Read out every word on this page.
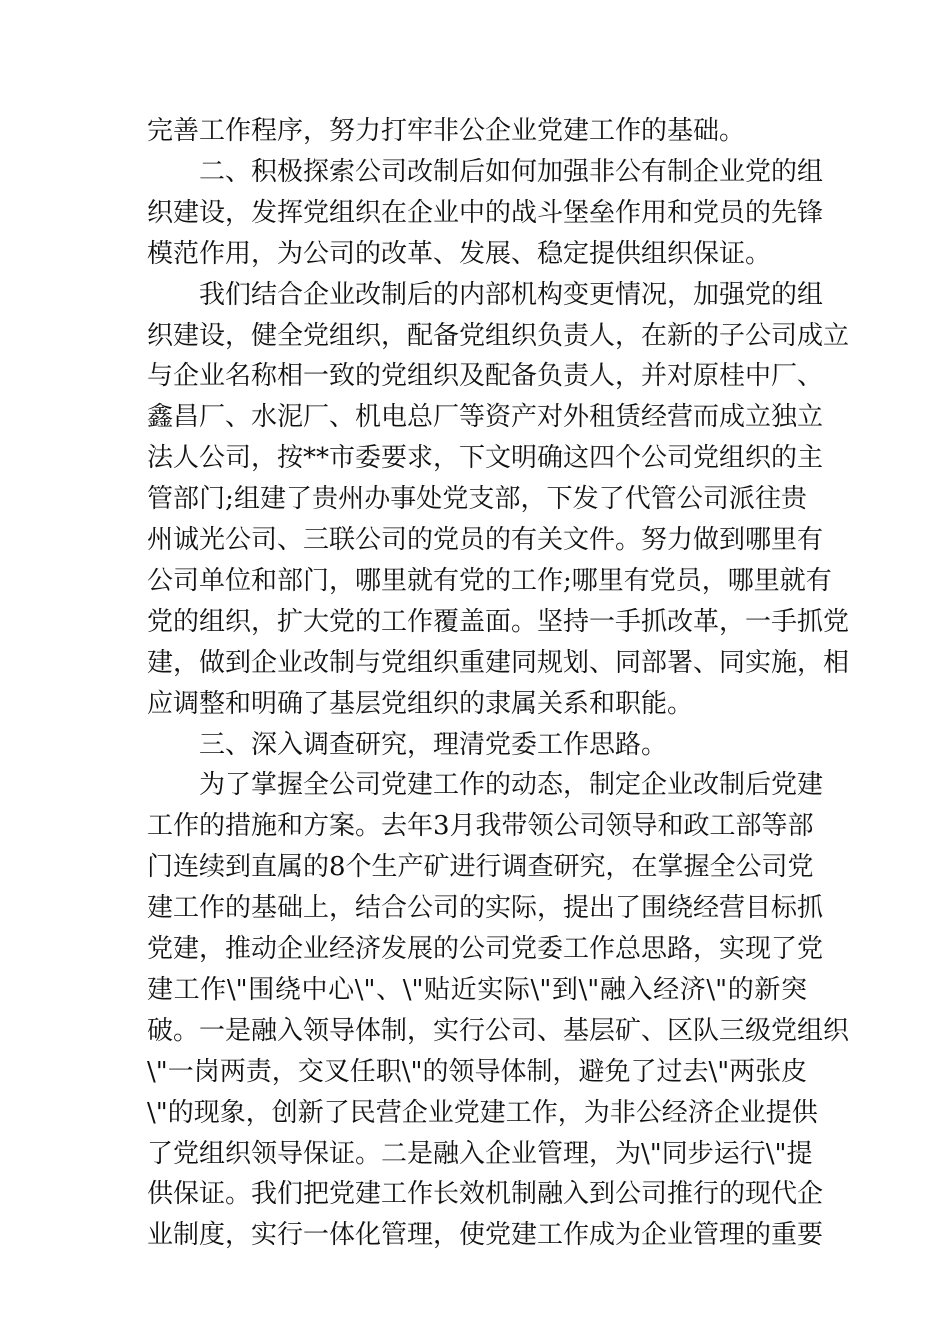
完善工作程序，努力打牢非公企业党建工作的基础。
二、积极探索公司改制后如何加强非公有制企业党的组
织建设，发挥党组织在企业中的战斗堡垒作用和党员的先锋
模范作用，为公司的改革、发展、稳定提供组织保证。
我们结合企业改制后的内部机构变更情况，加强党的组
织建设，健全党组织，配备党组织负责人，在新的子公司成立
与企业名称相一致的党组织及配备负责人，并对原桂中厂、
鑫昌厂、水泥厂、机电总厂等资产对外租赁经营而成立独立
法人公司，按**市委要求，下文明确这四个公司党组织的主
管部门;组建了贵州办事处党支部，下发了代管公司派往贵
州诚光公司、三联公司的党员的有关文件。努力做到哪里有
公司单位和部门，哪里就有党的工作;哪里有党员，哪里就有
党的组织，扩大党的工作覆盖面。坚持一手抓改革，一手抓党
建，做到企业改制与党组织重建同规划、同部署、同实施，相
应调整和明确了基层党组织的隶属关系和职能。
三、深入调查研究，理清党委工作思路。
为了掌握全公司党建工作的动态，制定企业改制后党建
工作的措施和方案。去年3月我带领公司领导和政工部等部
门连续到直属的8个生产矿进行调查研究，在掌握全公司党
建工作的基础上，结合公司的实际，提出了围绕经营目标抓
党建，推动企业经济发展的公司党委工作总思路，实现了党
建工作\"围绕中心\"、\"贴近实际\"到\"融入经济\"的新突
破。一是融入领导体制，实行公司、基层矿、区队三级党组织
\"一岗两责，交叉任职\"的领导体制，避免了过去\"两张皮
\"的现象，创新了民营企业党建工作，为非公经济企业提供
了党组织领导保证。二是融入企业管理，为\"同步运行\"提
供保证。我们把党建工作长效机制融入到公司推行的现代企
业制度，实行一体化管理，使党建工作成为企业管理的重要
